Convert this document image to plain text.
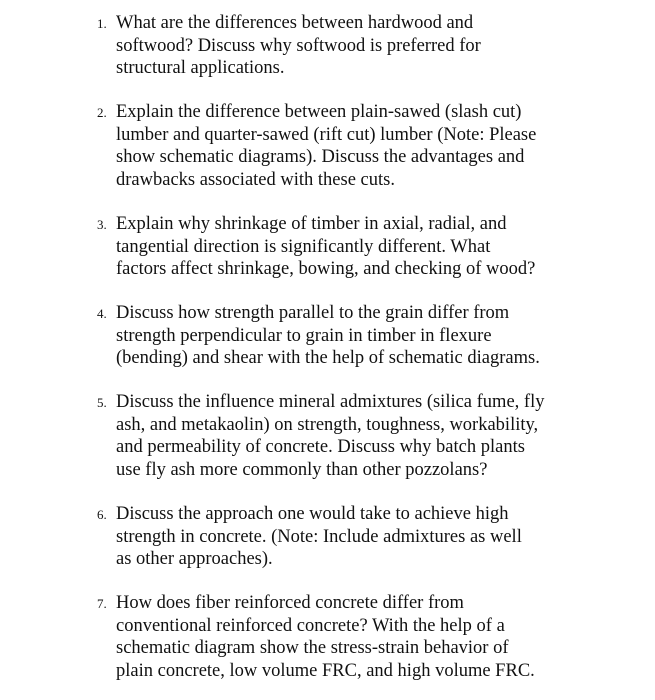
1. What are the differences between hardwood and
softwood? Discuss why softwood is preferred for
structural applications.
2. Explain the difference between plain-sawed (slash cut)
lumber and quarter-sawed (rift cut) lumber (Note: Please
show schematic diagrams). Discuss the advantages and
drawbacks associated with these cuts.
3. Explain why shrinkage of timber in axial, radial, and
tangential direction is significantly different. What
factors affect shrinkage, bowing, and checking of wood?
4. Discuss how strength parallel to the grain differ from
strength perpendicular to grain in timber in flexure
(bending) and shear with the help of schematic diagrams.
5. Discuss the influence mineral admixtures (silica fume, fly
ash, and metakaolin) on strength, toughness, workability,
and permeability of concrete. Discuss why batch plants
use fly ash more commonly than other pozzolans?
6. Discuss the approach one would take to achieve high
strength in concrete. (Note: Include admixtures as well
as other approaches).
7. How does fiber reinforced concrete differ from
conventional reinforced concrete? With the help of a
schematic diagram show the stress-strain behavior of
plain concrete, low volume FRC, and high volume FRC.
